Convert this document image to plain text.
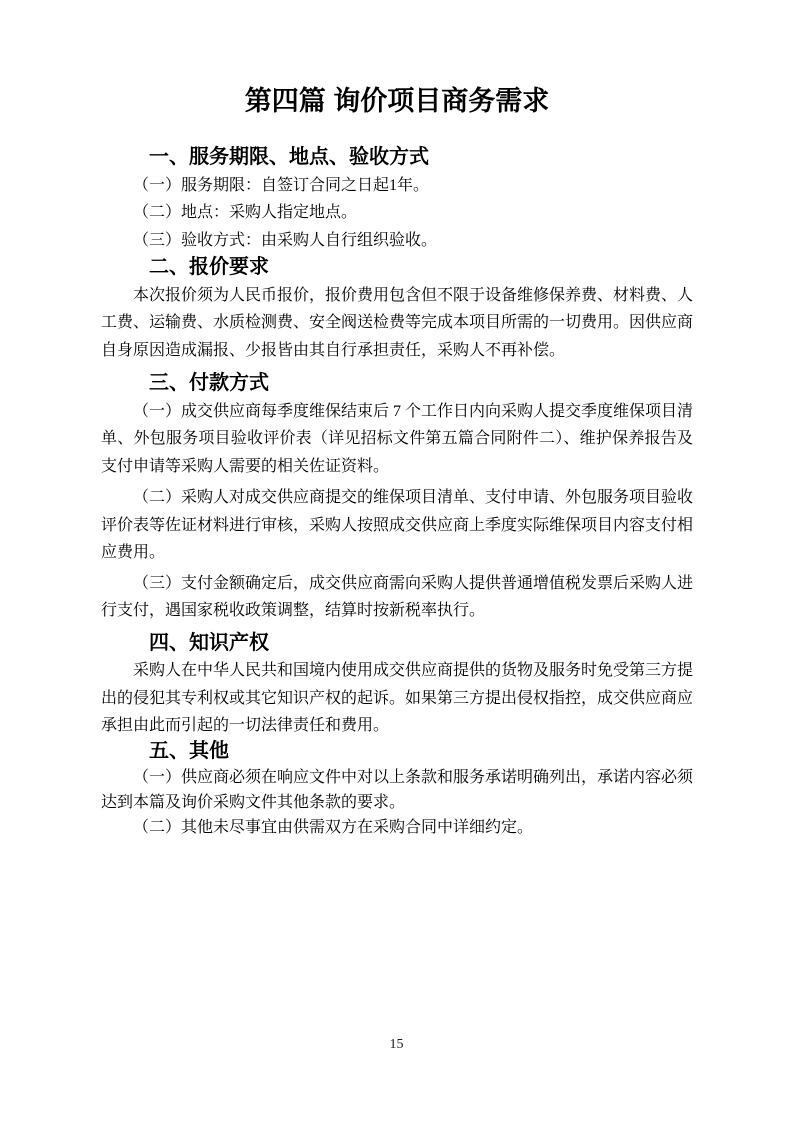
第四篇 询价项目商务需求
一、服务期限、地点、验收方式

（一）服务期限：自签订合同之日起1年。

（二）地点：采购人指定地点。

（三）验收方式：由采购人自行组织验收。

二、报价要求

本次报价须为人民币报价，报价费用包含但不限于设备维修保养费、材料费、人工费、运输费、水质检测费、安全阀送检费等完成本项目所需的一切费用。因供应商自身原因造成漏报、少报皆由其自行承担责任，采购人不再补偿。

三、付款方式

（一）成交供应商每季度维保结束后 7 个工作日内向采购人提交季度维保项目清单、外包服务项目验收评价表（详见招标文件第五篇合同附件二）、维护保养报告及支付申请等采购人需要的相关佐证资料。

（二）采购人对成交供应商提交的维保项目清单、支付申请、外包服务项目验收评价表等佐证材料进行审核，采购人按照成交供应商上季度实际维保项目内容支付相应费用。

（三）支付金额确定后，成交供应商需向采购人提供普通增值税发票后采购人进行支付，遇国家税收政策调整，结算时按新税率执行。

四、知识产权

采购人在中华人民共和国境内使用成交供应商提供的货物及服务时免受第三方提出的侵犯其专利权或其它知识产权的起诉。如果第三方提出侵权指控，成交供应商应承担由此而引起的一切法律责任和费用。

五、其他

（一）供应商必须在响应文件中对以上条款和服务承诺明确列出，承诺内容必须达到本篇及询价采购文件其他条款的要求。

（二）其他未尽事宜由供需双方在采购合同中详细约定。

15
